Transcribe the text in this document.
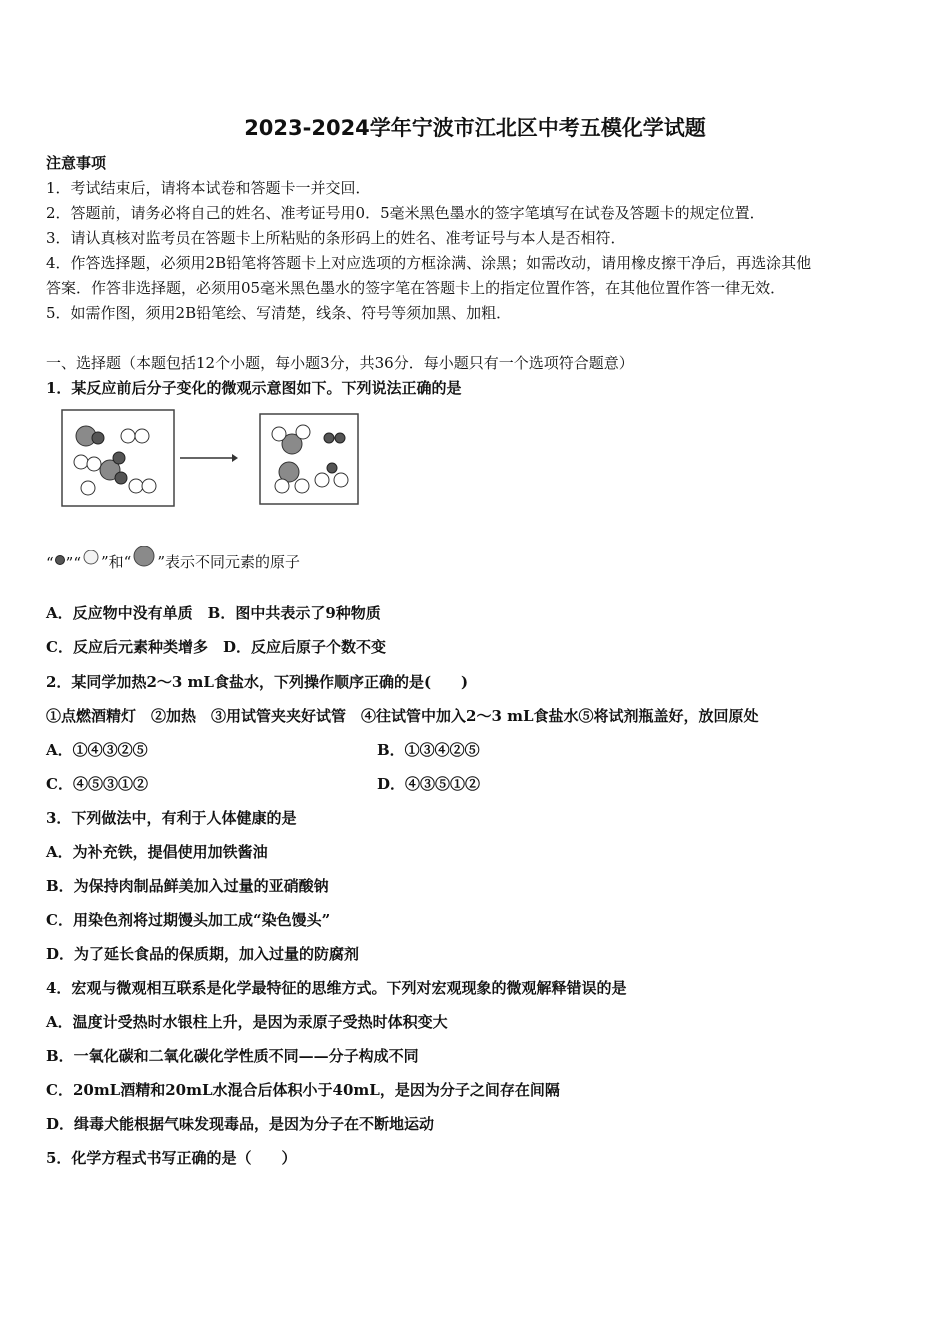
2023-2024学年宁波市江北区中考五模化学试题
注意事项
1．考试结束后，请将本试卷和答题卡一并交回．
2．答题前，请务必将自己的姓名、准考证号用0．5毫米黑色墨水的签字笔填写在试卷及答题卡的规定位置．
3．请认真核对监考员在答题卡上所粘贴的条形码上的姓名、准考证号与本人是否相符．
4．作答选择题，必须用2B铅笔将答题卡上对应选项的方框涂满、涂黑；如需改动，请用橡皮擦干净后，再选涂其他
答案．作答非选择题，必须用05毫米黑色墨水的签字笔在答题卡上的指定位置作答，在其他位置作答一律无效．
5．如需作图，须用2B铅笔绘、写清楚，线条、符号等须加黑、加粗．
一、选择题（本题包括12个小题，每小题3分，共36分．每小题只有一个选项符合题意）
1．某反应前后分子变化的微观示意图如下。下列说法正确的是
“ ”“ ”和“ ”表示不同元素的原子
A．反应物中没有单质　 B．图中共表示了9种物质
C．反应后元素种类增多　 D．反应后原子个数不变
2．某同学加热2～3 mL食盐水，下列操作顺序正确的是(　　)
①点燃酒精灯　②加热　③用试管夹夹好试管　④往试管中加入2～3 mL食盐水⑤将试剂瓶盖好，放回原处
A．①④③②⑤	B．①③④②⑤
C．④⑤③①②	D．④③⑤①②
3．下列做法中，有利于人体健康的是
A．为补充铁，提倡使用加铁酱油
B．为保持肉制品鲜美加入过量的亚硝酸钠
C．用染色剂将过期馒头加工成“染色馒头”
D．为了延长食品的保质期，加入过量的防腐剂
4．宏观与微观相互联系是化学最特征的思维方式。下列对宏观现象的微观解释错误的是
A．温度计受热时水银柱上升，是因为汞原子受热时体积变大
B．一氧化碳和二氧化碳化学性质不同——分子构成不同
C．20mL酒精和20mL水混合后体积小于40mL，是因为分子之间存在间隔
D．缉毒犬能根据气味发现毒品，是因为分子在不断地运动
5．化学方程式书写正确的是（　　）
